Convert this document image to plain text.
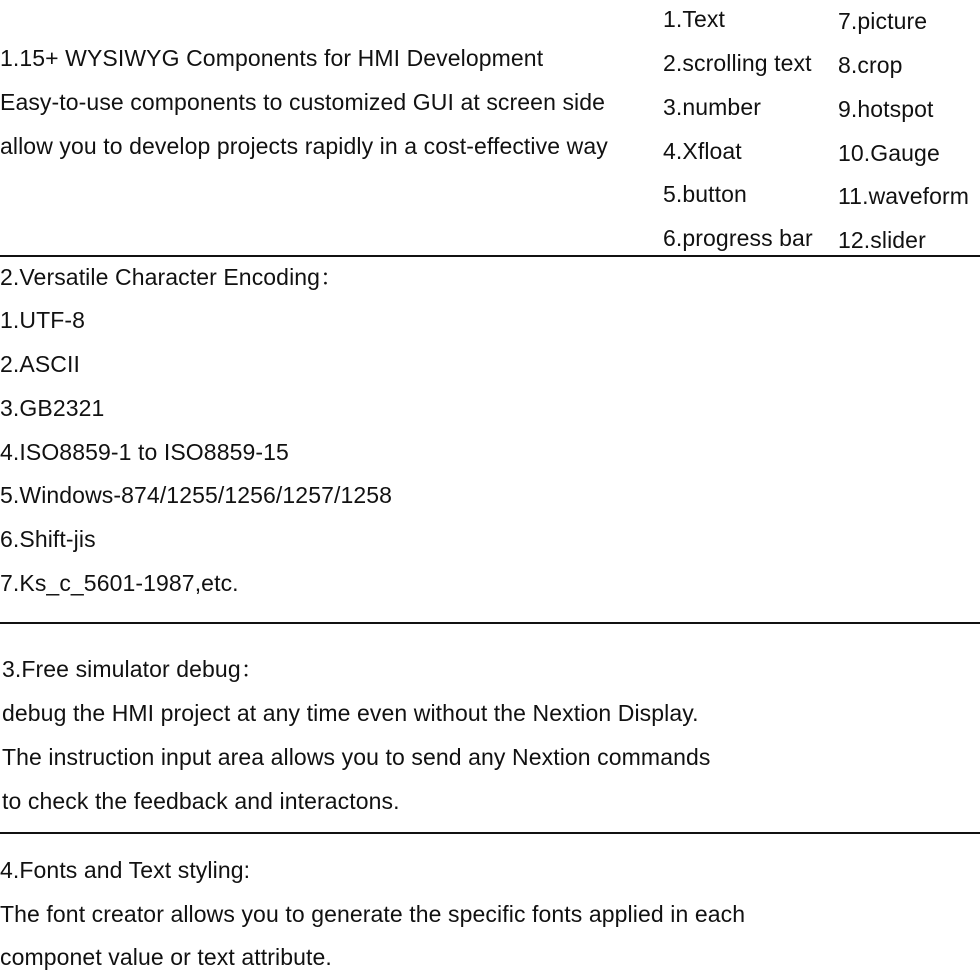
1.15+ WYSIWYG Components for HMI Development
Easy-to-use components to customized GUI at screen side
allow you to develop projects rapidly in a cost-effective way
1.Text
2.scrolling text
3.number
4.Xfloat
5.button
6.progress bar
7.picture
8.crop
9.hotspot
10.Gauge
11.waveform
12.slider
2.Versatile Character Encoding：
1.UTF-8
2.ASCII
3.GB2321
4.ISO8859-1 to ISO8859-15
5.Windows-874/1255/1256/1257/1258
6.Shift-jis
7.Ks_c_5601-1987,etc.
3.Free simulator debug：
debug the HMI project at any time even without the Nextion Display.
The instruction input area allows you to send any Nextion commands
to check the feedback and interactons.
4.Fonts and Text styling:
The font creator allows you to generate the specific fonts applied in each
componet value or text attribute.
